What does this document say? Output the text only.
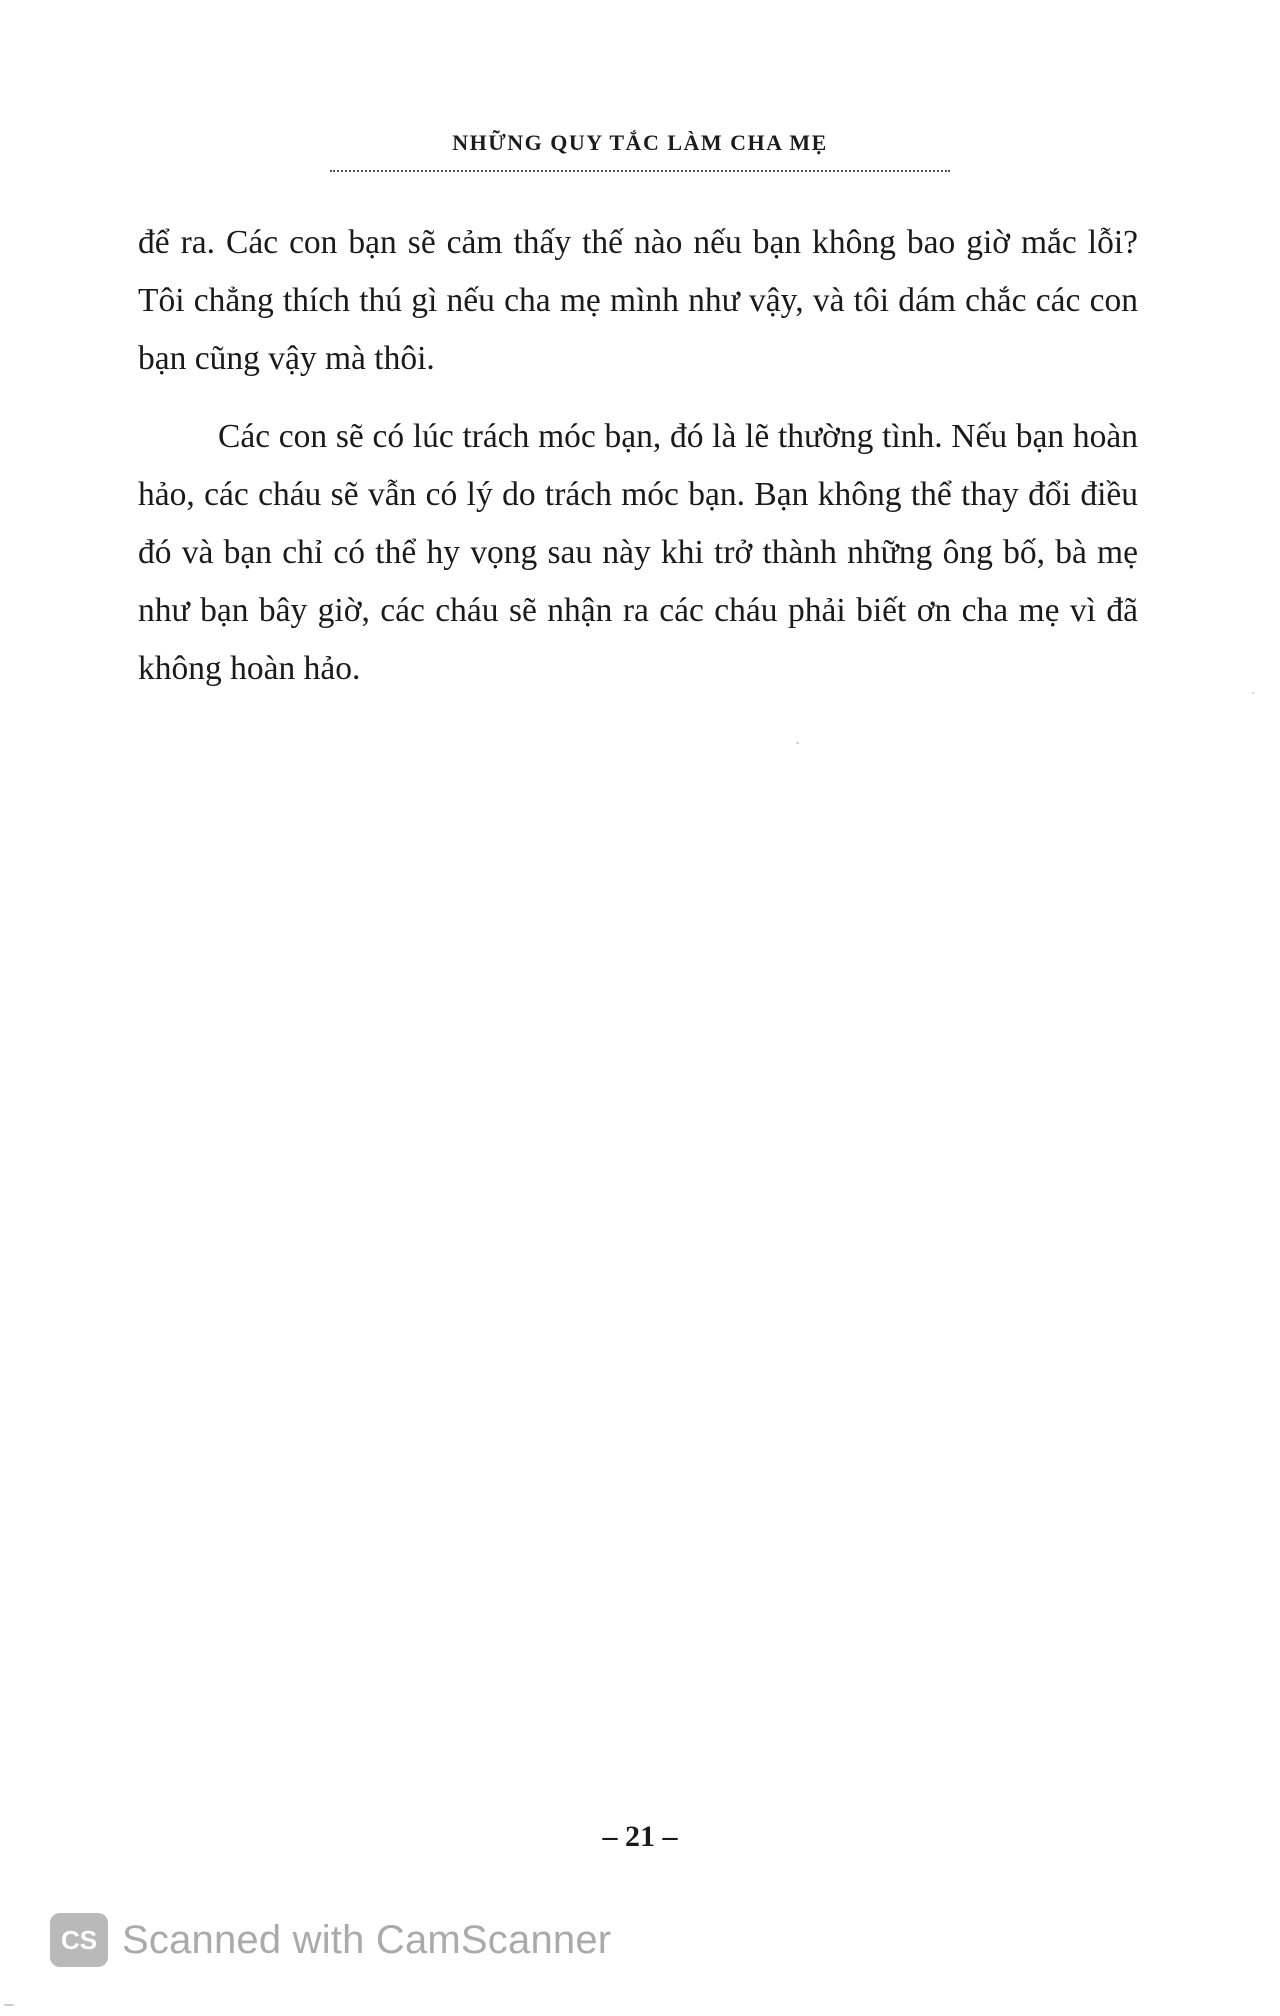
NHỮNG QUY TẮC LÀM CHA MẸ

để ra. Các con bạn sẽ cảm thấy thế nào nếu bạn không bao giờ mắc lỗi? Tôi chẳng thích thú gì nếu cha mẹ mình như vậy, và tôi dám chắc các con bạn cũng vậy mà thôi.

Các con sẽ có lúc trách móc bạn, đó là lẽ thường tình. Nếu bạn hoàn hảo, các cháu sẽ vẫn có lý do trách móc bạn. Bạn không thể thay đổi điều đó và bạn chỉ có thể hy vọng sau này khi trở thành những ông bố, bà mẹ như bạn bây giờ, các cháu sẽ nhận ra các cháu phải biết ơn cha mẹ vì đã không hoàn hảo.

– 21 –
CS Scanned with CamScanner
